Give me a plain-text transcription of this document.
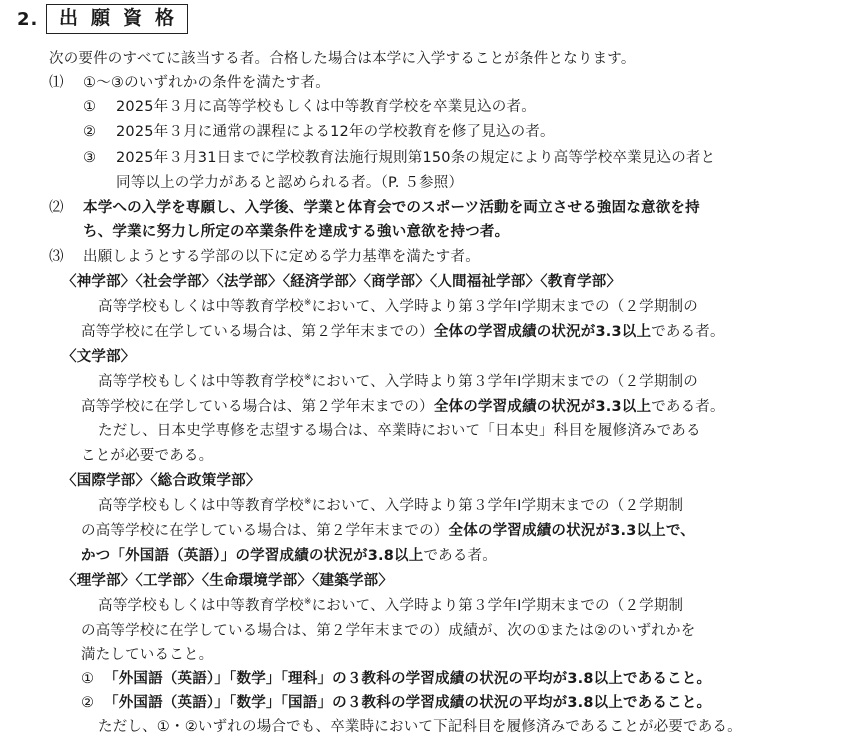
2.	出願資格
次の要件のすべてに該当する者。合格した場合は本学に入学することが条件となります。
⑴ ①～③のいずれかの条件を満たす者。
① 2025年３月に高等学校もしくは中等教育学校を卒業見込の者。
② 2025年３月に通常の課程による12年の学校教育を修了見込の者。
③ 2025年３月31日までに学校教育法施行規則第150条の規定により高等学校卒業見込の者と
同等以上の学力があると認められる者。（P. ５参照）
⑵ 本学への入学を専願し、入学後、学業と体育会でのスポーツ活動を両立させる強固な意欲を持
ち、学業に努力し所定の卒業条件を達成する強い意欲を持つ者。
⑶ 出願しようとする学部の以下に定める学力基準を満たす者。
〈神学部〉〈社会学部〉〈法学部〉〈経済学部〉〈商学部〉〈人間福祉学部〉〈教育学部〉
高等学校もしくは中等教育学校※において、入学時より第３学年Ⅰ学期末までの（２学期制の
高等学校に在学している場合は、第２学年末までの）全体の学習成績の状況が3.3以上である者。
〈文学部〉
高等学校もしくは中等教育学校※において、入学時より第３学年Ⅰ学期末までの（２学期制の
高等学校に在学している場合は、第２学年末までの）全体の学習成績の状況が3.3以上である者。
ただし、日本史学専修を志望する場合は、卒業時において「日本史」科目を履修済みである
ことが必要である。
〈国際学部〉〈総合政策学部〉
高等学校もしくは中等教育学校※において、入学時より第３学年Ⅰ学期末までの（２学期制
の高等学校に在学している場合は、第２学年末までの）全体の学習成績の状況が3.3以上で、
かつ「外国語（英語）」の学習成績の状況が3.8以上である者。
〈理学部〉〈工学部〉〈生命環境学部〉〈建築学部〉
高等学校もしくは中等教育学校※において、入学時より第３学年Ⅰ学期末までの（２学期制
の高等学校に在学している場合は、第２学年末までの）成績が、次の①または②のいずれかを
満たしていること。
① 「外国語（英語）」「数学」「理科」の３教科の学習成績の状況の平均が3.8以上であること。
② 「外国語（英語）」「数学」「国語」の３教科の学習成績の状況の平均が3.8以上であること。
ただし、①・②いずれの場合でも、卒業時において下記科目を履修済みであることが必要である。
